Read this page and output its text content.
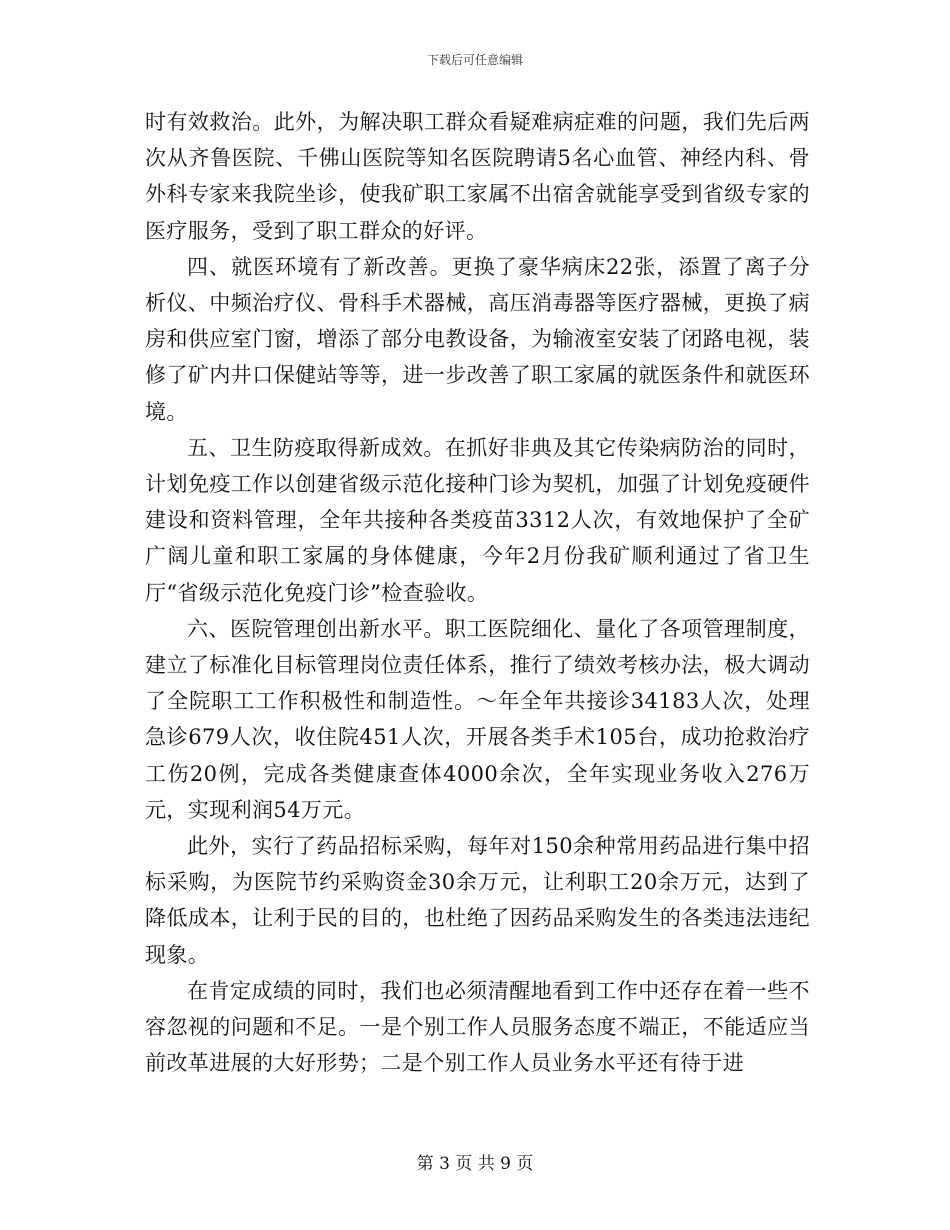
下载后可任意编辑

时有效救治。此外，为解决职工群众看疑难病症难的问题，我们先后两次从齐鲁医院、千佛山医院等知名医院聘请5名心血管、神经内科、骨外科专家来我院坐诊，使我矿职工家属不出宿舍就能享受到省级专家的医疗服务，受到了职工群众的好评。

四、就医环境有了新改善。更换了豪华病床22张，添置了离子分析仪、中频治疗仪、骨科手术器械，高压消毒器等医疗器械，更换了病房和供应室门窗，增添了部分电教设备，为输液室安装了闭路电视，装修了矿内井口保健站等等，进一步改善了职工家属的就医条件和就医环境。

五、卫生防疫取得新成效。在抓好非典及其它传染病防治的同时，计划免疫工作以创建省级示范化接种门诊为契机，加强了计划免疫硬件建设和资料管理，全年共接种各类疫苗3312人次，有效地保护了全矿广阔儿童和职工家属的身体健康，今年2月份我矿顺利通过了省卫生厅“省级示范化免疫门诊”检查验收。

六、医院管理创出新水平。职工医院细化、量化了各项管理制度，建立了标准化目标管理岗位责任体系，推行了绩效考核办法，极大调动了全院职工工作积极性和制造性。～年全年共接诊34183人次，处理急诊679人次，收住院451人次，开展各类手术105台，成功抢救治疗工伤20例，完成各类健康查体4000余次，全年实现业务收入276万元，实现利润54万元。

此外，实行了药品招标采购，每年对150余种常用药品进行集中招标采购，为医院节约采购资金30余万元，让利职工20余万元，达到了降低成本，让利于民的目的，也杜绝了因药品采购发生的各类违法违纪现象。

在肯定成绩的同时，我们也必须清醒地看到工作中还存在着一些不容忽视的问题和不足。一是个别工作人员服务态度不端正，不能适应当前改革进展的大好形势；二是个别工作人员业务水平还有待于进

第 3 页 共 9 页
